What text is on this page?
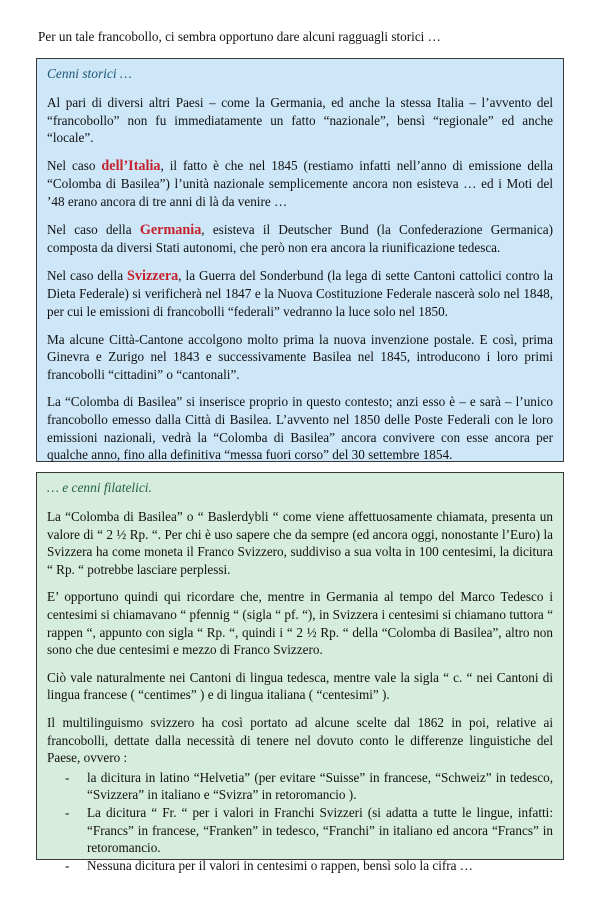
Per un tale francobollo, ci sembra opportuno dare alcuni ragguagli storici …
Cenni storici …

Al pari di diversi altri Paesi – come la Germania, ed anche la stessa Italia – l’avvento del “francobollo” non fu immediatamente un fatto “nazionale”, bensì “regionale” ed anche “locale”.

Nel caso dell’Italia, il fatto è che nel 1845 (restiamo infatti nell’anno di emissione della “Colomba di Basilea”) l’unità nazionale semplicemente ancora non esisteva … ed i Moti del ’48 erano ancora di tre anni di là da venire …

Nel caso della Germania, esisteva il Deutscher Bund (la Confederazione Germanica) composta da diversi Stati autonomi, che però non era ancora la riunificazione tedesca.

Nel caso della Svizzera, la Guerra del Sonderbund (la lega di sette Cantoni cattolici contro la Dieta Federale) si verificherà nel 1847 e la Nuova Costituzione Federale nascerà solo nel 1848, per cui le emissioni di francobolli “federali” vedranno la luce solo nel 1850.

Ma alcune Città-Cantone accolgono molto prima la nuova invenzione postale. E così, prima Ginevra e Zurigo nel 1843 e successivamente Basilea nel 1845, introducono i loro primi francobolli “cittadini” o “cantonali”.

La “Colomba di Basilea” si inserisce proprio in questo contesto; anzi esso è – e sarà – l’unico francobollo emesso dalla Città di Basilea. L’avvento nel 1850 delle Poste Federali con le loro emissioni nazionali, vedrà la “Colomba di Basilea” ancora convivere con esse ancora per qualche anno, fino alla definitiva “messa fuori corso” del 30 settembre 1854.

… e cenni filatelici.

La “Colomba di Basilea” o “ Baslerdybli “ come viene affettuosamente chiamata, presenta un valore di “ 2 ½ Rp. “. Per chi è uso sapere che da sempre (ed ancora oggi, nonostante l’Euro) la Svizzera ha come moneta il Franco Svizzero, suddiviso a sua volta in 100 centesimi, la dicitura “ Rp. “ potrebbe lasciare perplessi.

E’ opportuno quindi qui ricordare che, mentre in Germania al tempo del Marco Tedesco i centesimi si chiamavano “ pfennig “ (sigla “ pf. “), in Svizzera i centesimi si chiamano tuttora “ rappen “, appunto con sigla “ Rp. “, quindi i “ 2 ½ Rp. “ della “Colomba di Basilea”, altro non sono che due centesimi e mezzo di Franco Svizzero.

Ciò vale naturalmente nei Cantoni di lingua tedesca, mentre vale la sigla “ c. “ nei Cantoni di lingua francese ( “centimes” ) e di lingua italiana ( “centesimi” ).

Il multilinguismo svizzero ha così portato ad alcune scelte dal 1862 in poi, relative ai francobolli, dettate dalla necessità di tenere nel dovuto conto le differenze linguistiche del Paese, ovvero :

- la dicitura in latino “Helvetia” (per evitare “Suisse” in francese, “Schweiz” in tedesco, “Svizzera” in italiano e “Svizra” in retoromancio ).
- La dicitura “ Fr. “ per i valori in Franchi Svizzeri (si adatta a tutte le lingue, infatti: “Francs” in francese, “Franken” in tedesco, “Franchi” in italiano ed ancora “Francs” in retoromancio.
- Nessuna dicitura per il valori in centesimi o rappen, bensì solo la cifra …
